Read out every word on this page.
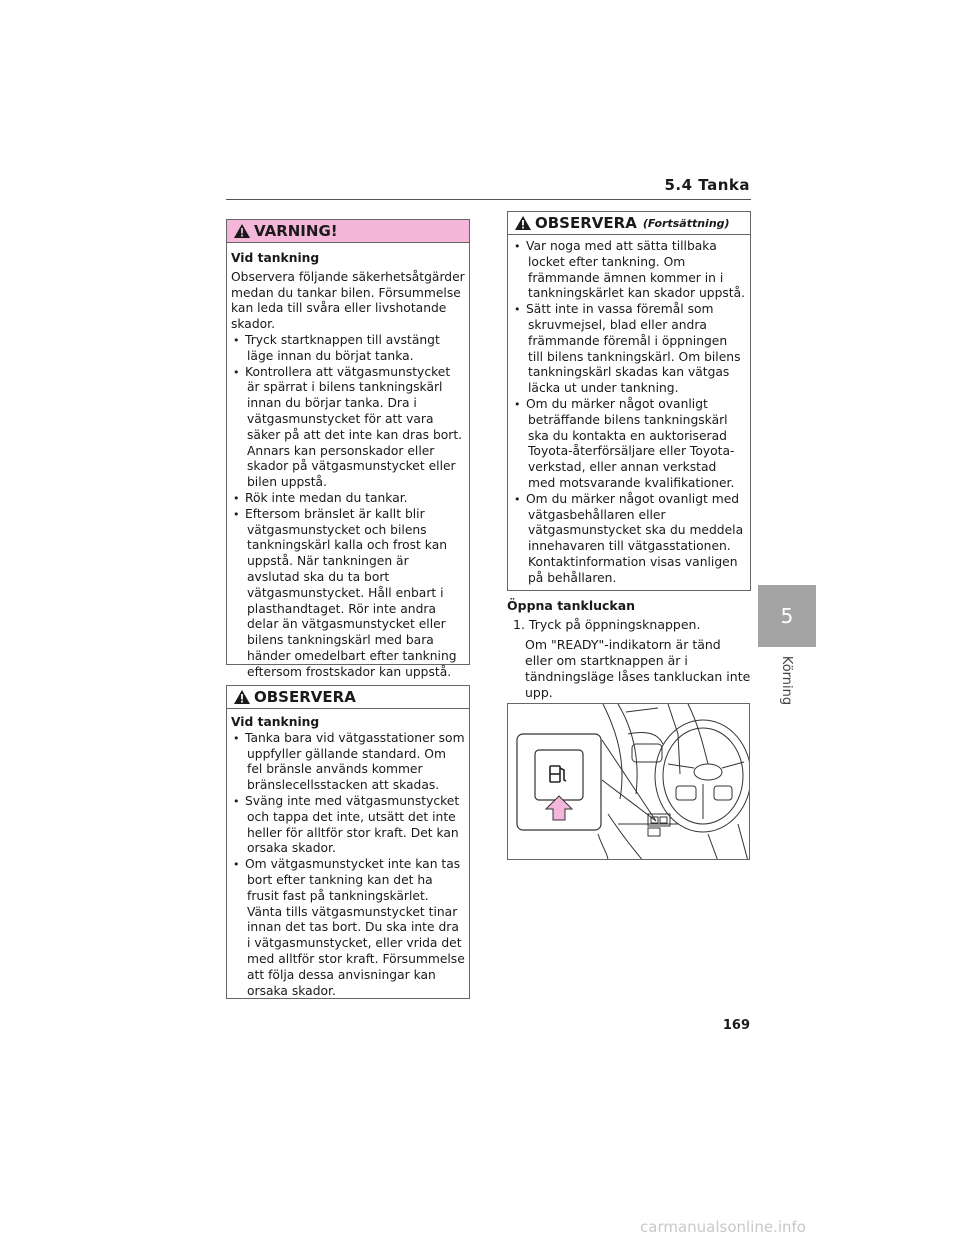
5.4 Tanka
VARNING!

Vid tankning

Observera följande säkerhetsåtgärder medan du tankar bilen. Försummelse kan leda till svåra eller livshotande skador.

• Tryck startknappen till avstängt läge innan du börjat tanka.
• Kontrollera att vätgasmunstycket är spärrat i bilens tankningskärl innan du börjar tanka. Dra i vätgasmunstycket för att vara säker på att det inte kan dras bort. Annars kan personskador eller skador på vätgasmunstycket eller bilen uppstå.
• Rök inte medan du tankar.
• Eftersom bränslet är kallt blir vätgasmunstycket och bilens tankningskärl kalla och frost kan uppstå. När tankningen är avslutad ska du ta bort vätgasmunstycket. Håll enbart i plasthandtaget. Rör inte andra delar än vätgasmunstycket eller bilens tankningskärl med bara händer omedelbart efter tankning eftersom frostskador kan uppstå.
OBSERVERA

Vid tankning

• Tanka bara vid vätgasstationer som uppfyller gällande standard. Om fel bränsle används kommer bränslecellsstacken att skadas.
• Sväng inte med vätgasmunstycket och tappa det inte, utsätt det inte heller för alltför stor kraft. Det kan orsaka skador.
• Om vätgasmunstycket inte kan tas bort efter tankning kan det ha frusit fast på tankningskärlet. Vänta tills vätgasmunstycket tinar innan det tas bort. Du ska inte dra i vätgasmunstycket, eller vrida det med alltför stor kraft. Försummelse att följa dessa anvisningar kan orsaka skador.
OBSERVERA (Fortsättning)
• Var noga med att sätta tillbaka locket efter tankning. Om främmande ämnen kommer in i tankningskärlet kan skador uppstå.
• Sätt inte in vassa föremål som skruvmejsel, blad eller andra främmande föremål i öppningen till bilens tankningskärl. Om bilens tankningskärl skadas kan vätgas läcka ut under tankning.
• Om du märker något ovanligt beträffande bilens tankningskärl ska du kontakta en auktoriserad Toyota-återförsäljare eller Toyota-verkstad, eller annan verkstad med motsvarande kvalifikationer.
• Om du märker något ovanligt med vätgasbehållaren eller vätgasmunstycket ska du meddela innehavaren till vätgasstationen. Kontaktinformation visas vanligen på behållaren.
Öppna tankluckan
1. Tryck på öppningsknappen.
Om "READY"-indikatorn är tänd eller om startknappen är i tändningsläge låses tankluckan inte upp.
5
Körning
169
carmanualsonline.info
